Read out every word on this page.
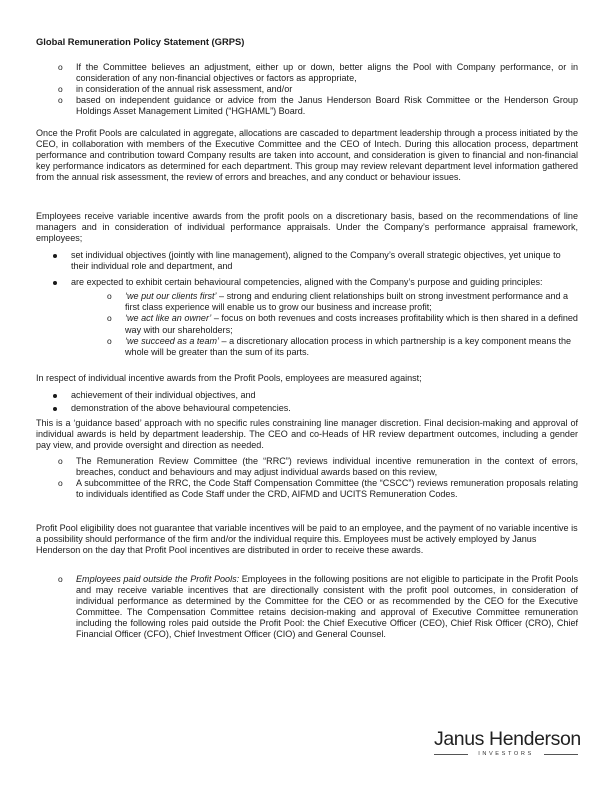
Global Remuneration Policy Statement (GRPS)
o If the Committee believes an adjustment, either up or down, better aligns the Pool with Company performance, or in consideration of any non-financial objectives or factors as appropriate,
o in consideration of the annual risk assessment, and/or
o based on independent guidance or advice from the Janus Henderson Board Risk Committee or the Henderson Group Holdings Asset Management Limited (“HGHAML”) Board.

Once the Profit Pools are calculated in aggregate, allocations are cascaded to department leadership through a process initiated by the CEO, in collaboration with members of the Executive Committee and the CEO of Intech. During this allocation process, department performance and contribution toward Company results are taken into account, and consideration is given to financial and non-financial key performance indicators as determined for each department. This group may review relevant department level information gathered from the annual risk assessment, the review of errors and breaches, and any conduct or behaviour issues.

Employees receive variable incentive awards from the profit pools on a discretionary basis, based on the recommendations of line managers and in consideration of individual performance appraisals. Under the Company’s performance appraisal framework, employees;

set individual objectives (jointly with line management), aligned to the Company’s overall strategic objectives, yet unique to their individual role and department, and
are expected to exhibit certain behavioural competencies, aligned with the Company’s purpose and guiding principles:
o ‘we put our clients first’ – strong and enduring client relationships built on strong investment performance and a first class experience will enable us to grow our business and increase profit;
o ‘we act like an owner’ – focus on both revenues and costs increases profitability which is then shared in a defined way with our shareholders;
o ‘we succeed as a team’ – a discretionary allocation process in which partnership is a key component means the whole will be greater than the sum of its parts.

In respect of individual incentive awards from the Profit Pools, employees are measured against;

achievement of their individual objectives, and
demonstration of the above behavioural competencies.

This is a ‘guidance based’ approach with no specific rules constraining line manager discretion. Final decision-making and approval of individual awards is held by department leadership. The CEO and co-Heads of HR review department outcomes, including a gender pay view, and provide oversight and direction as needed.

o The Remuneration Review Committee (the “RRC”) reviews individual incentive remuneration in the context of errors, breaches, conduct and behaviours and may adjust individual awards based on this review,
o A subcommittee of the RRC, the Code Staff Compensation Committee (the “CSCC”) reviews remuneration proposals relating to individuals identified as Code Staff under the CRD, AIFMD and UCITS Remuneration Codes.

Profit Pool eligibility does not guarantee that variable incentives will be paid to an employee, and the payment of no variable incentive is a possibility should performance of the firm and/or the individual require this. Employees must be actively employed by Janus Henderson on the day that Profit Pool incentives are distributed in order to receive these awards.

o Employees paid outside the Profit Pools: Employees in the following positions are not eligible to participate in the Profit Pools and may receive variable incentives that are directionally consistent with the profit pool outcomes, in consideration of individual performance as determined by the Committee for the CEO or as recommended by the CEO for the Executive Committee. The Compensation Committee retains decision-making and approval of Executive Committee remuneration including the following roles paid outside the Profit Pool: the Chief Executive Officer (CEO), Chief Risk Officer (CRO), Chief Financial Officer (CFO), Chief Investment Officer (CIO) and General Counsel.
Janus Henderson
INVESTORS
